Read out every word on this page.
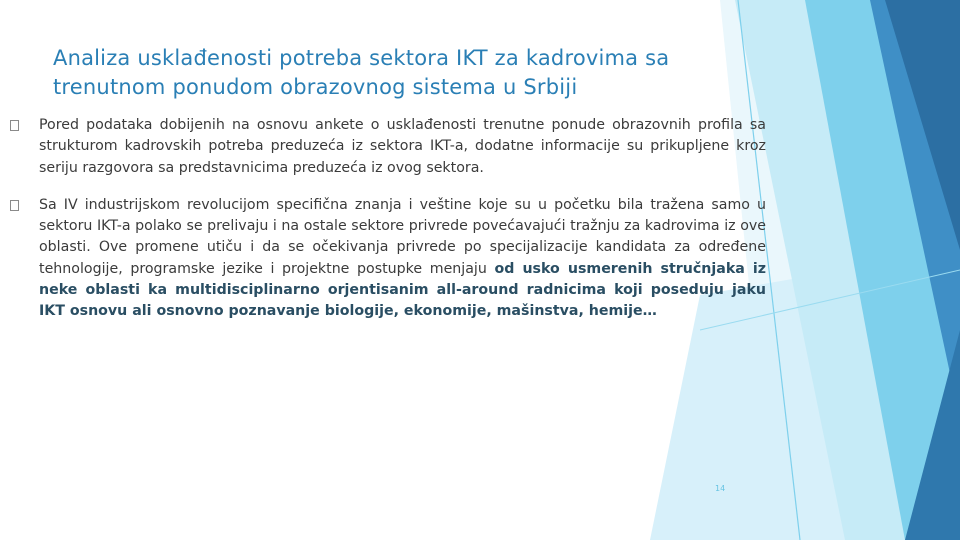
Analiza usklađenosti potreba sektora IKT za kadrovima sa trenutnom ponudom obrazovnog sistema u Srbiji
Pored podataka dobijenih na osnovu ankete o usklađenosti trenutne ponude obrazovnih profila sa strukturom kadrovskih potreba preduzeća iz sektora IKT-a, dodatne informacije su prikupljene kroz seriju razgovora sa predstavnicima preduzeća iz ovog sektora.
Sa IV industrijskom revolucijom specifična znanja i veštine koje su u početku bila tražena samo u sektoru IKT-a polako se prelivaju i na ostale sektore privrede povećavajući tražnju za kadrovima iz ove oblasti. Ove promene utiču i da se očekivanja privrede po specijalizacije kandidata za određene tehnologije, programske jezike i projektne postupke menjaju od usko usmerenih stručnjaka iz neke oblasti ka multidisciplinarno orjentisanim all-around radnicima koji poseduju jaku IKT osnovu ali osnovno poznavanje biologije, ekonomije, mašinstva, hemije…
14
